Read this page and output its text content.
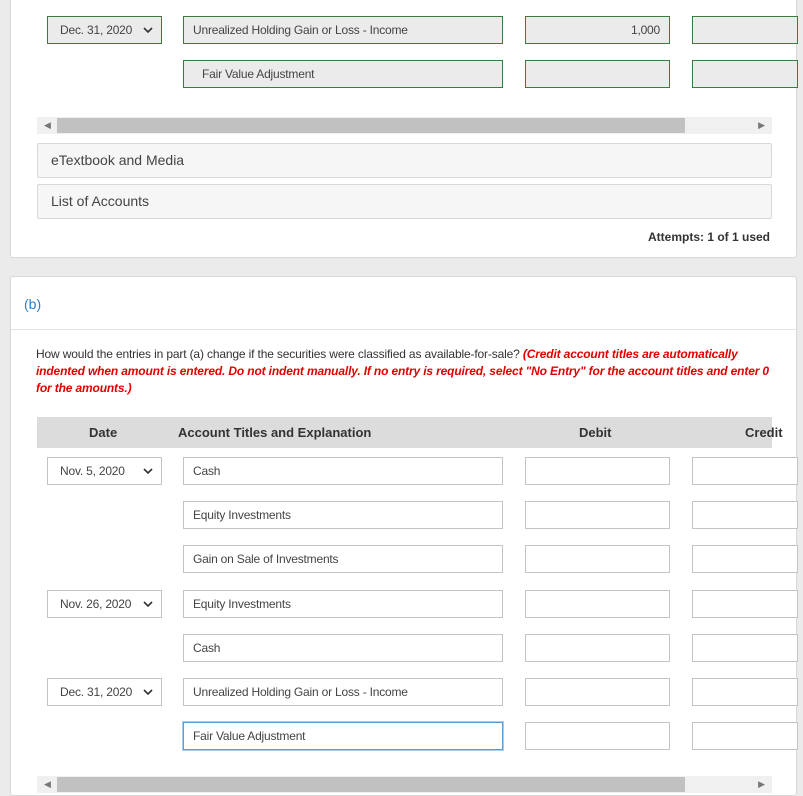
Dec. 31, 2020	Unrealized Holding Gain or Loss - Income	1,000
Fair Value Adjustment
◀	▶
eTextbook and Media
List of Accounts
Attempts: 1 of 1 used
(b)
How would the entries in part (a) change if the securities were classified as available-for-sale? (Credit account titles are automatically indented when amount is entered. Do not indent manually. If no entry is required, select "No Entry" for the account titles and enter 0 for the amounts.)
Date	Account Titles and Explanation	Debit	Credit
Nov. 5, 2020	Cash
Equity Investments
Gain on Sale of Investments
Nov. 26, 2020	Equity Investments
Cash
Dec. 31, 2020	Unrealized Holding Gain or Loss - Income
Fair Value Adjustment
◀	▶
